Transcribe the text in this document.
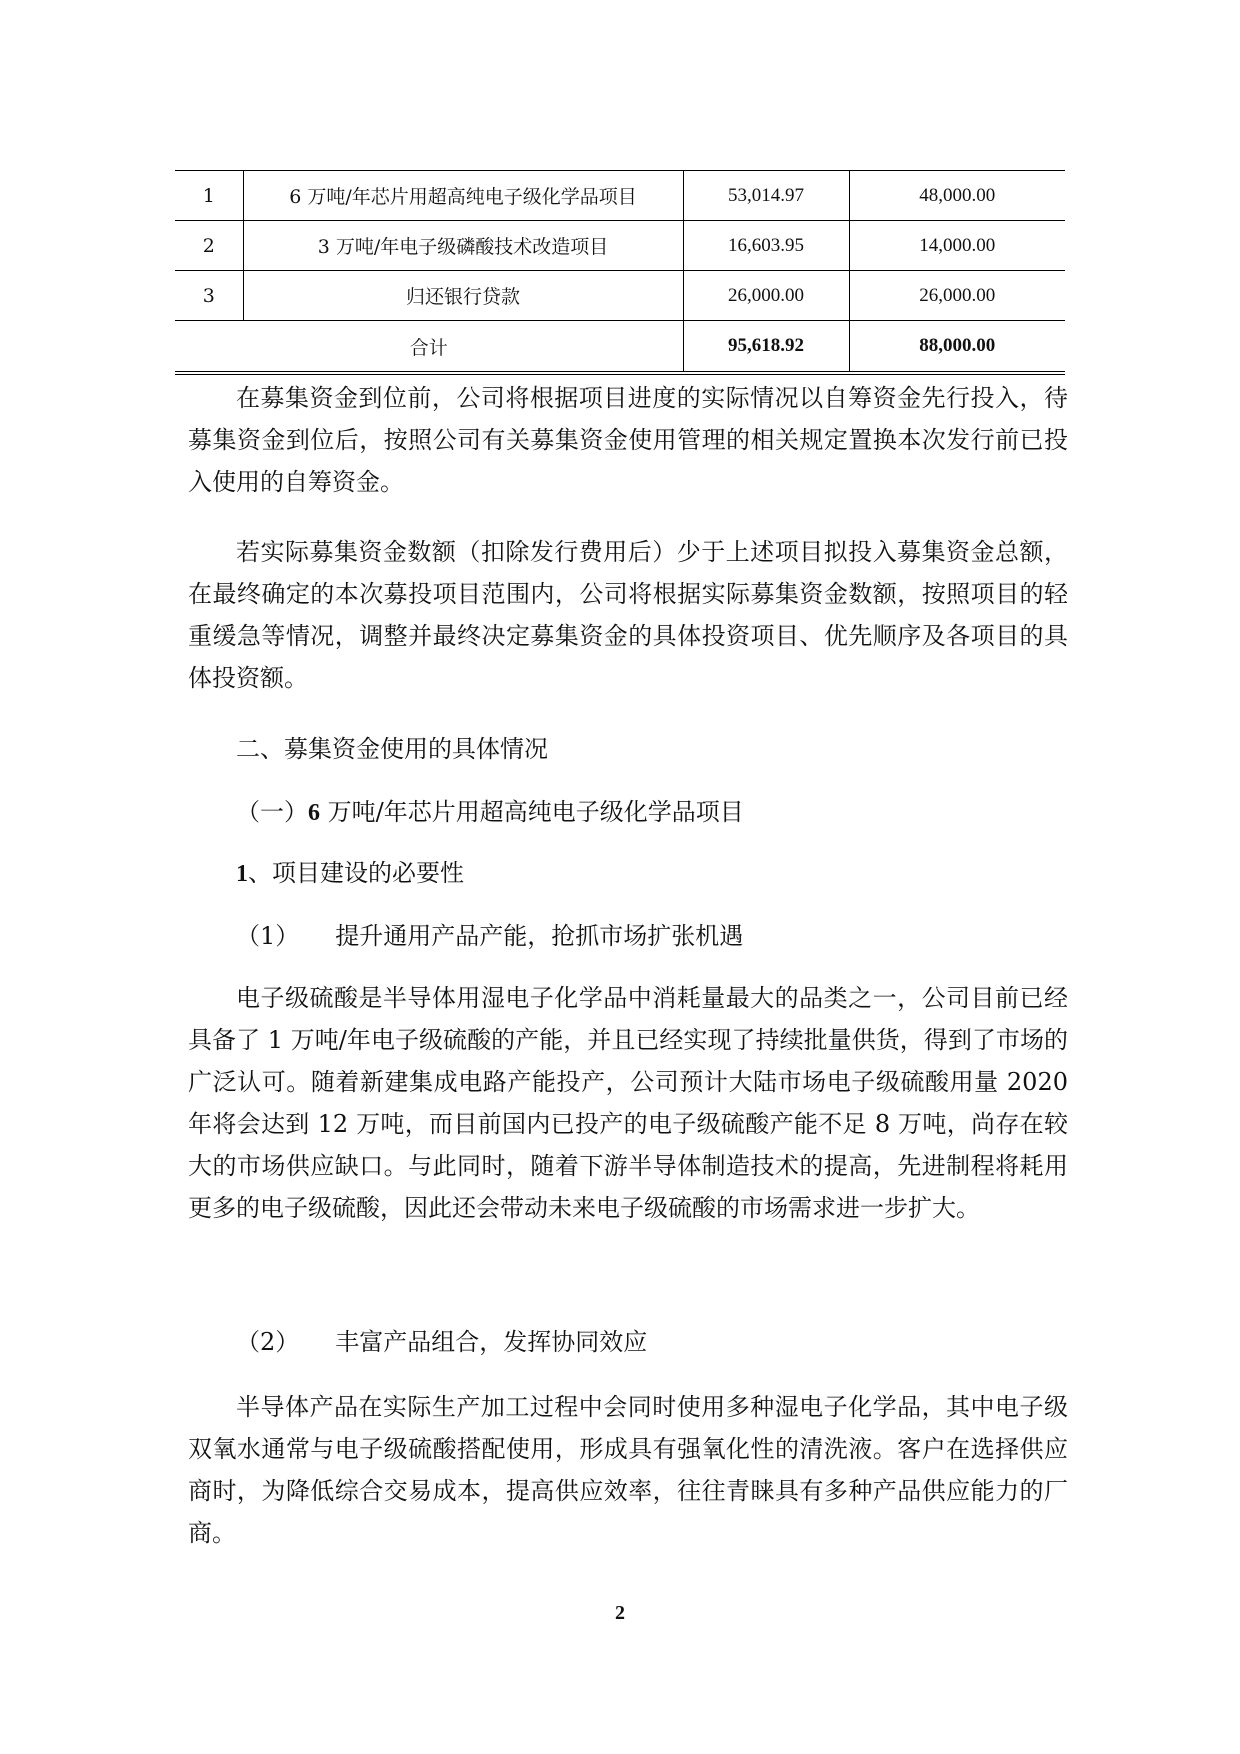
1	6 万吨/年芯片用超高纯电子级化学品项目	53,014.97	48,000.00
2	3 万吨/年电子级磷酸技术改造项目	16,603.95	14,000.00
3	归还银行贷款	26,000.00	26,000.00
合计		95,618.92	88,000.00

在募集资金到位前，公司将根据项目进度的实际情况以自筹资金先行投入，待募集资金到位后，按照公司有关募集资金使用管理的相关规定置换本次发行前已投入使用的自筹资金。

若实际募集资金数额（扣除发行费用后）少于上述项目拟投入募集资金总额，在最终确定的本次募投项目范围内，公司将根据实际募集资金数额，按照项目的轻重缓急等情况，调整并最终决定募集资金的具体投资项目、优先顺序及各项目的具体投资额。

二、募集资金使用的具体情况

（一）6 万吨/年芯片用超高纯电子级化学品项目

1、项目建设的必要性

（1） 提升通用产品产能，抢抓市场扩张机遇

电子级硫酸是半导体用湿电子化学品中消耗量最大的品类之一，公司目前已经具备了 1 万吨/年电子级硫酸的产能，并且已经实现了持续批量供货，得到了市场的广泛认可。随着新建集成电路产能投产，公司预计大陆市场电子级硫酸用量 2020 年将会达到 12 万吨，而目前国内已投产的电子级硫酸产能不足 8 万吨，尚存在较大的市场供应缺口。与此同时，随着下游半导体制造技术的提高，先进制程将耗用更多的电子级硫酸，因此还会带动未来电子级硫酸的市场需求进一步扩大。

（2） 丰富产品组合，发挥协同效应

半导体产品在实际生产加工过程中会同时使用多种湿电子化学品，其中电子级双氧水通常与电子级硫酸搭配使用，形成具有强氧化性的清洗液。客户在选择供应商时，为降低综合交易成本，提高供应效率，往往青睐具有多种产品供应能力的厂商。

2
